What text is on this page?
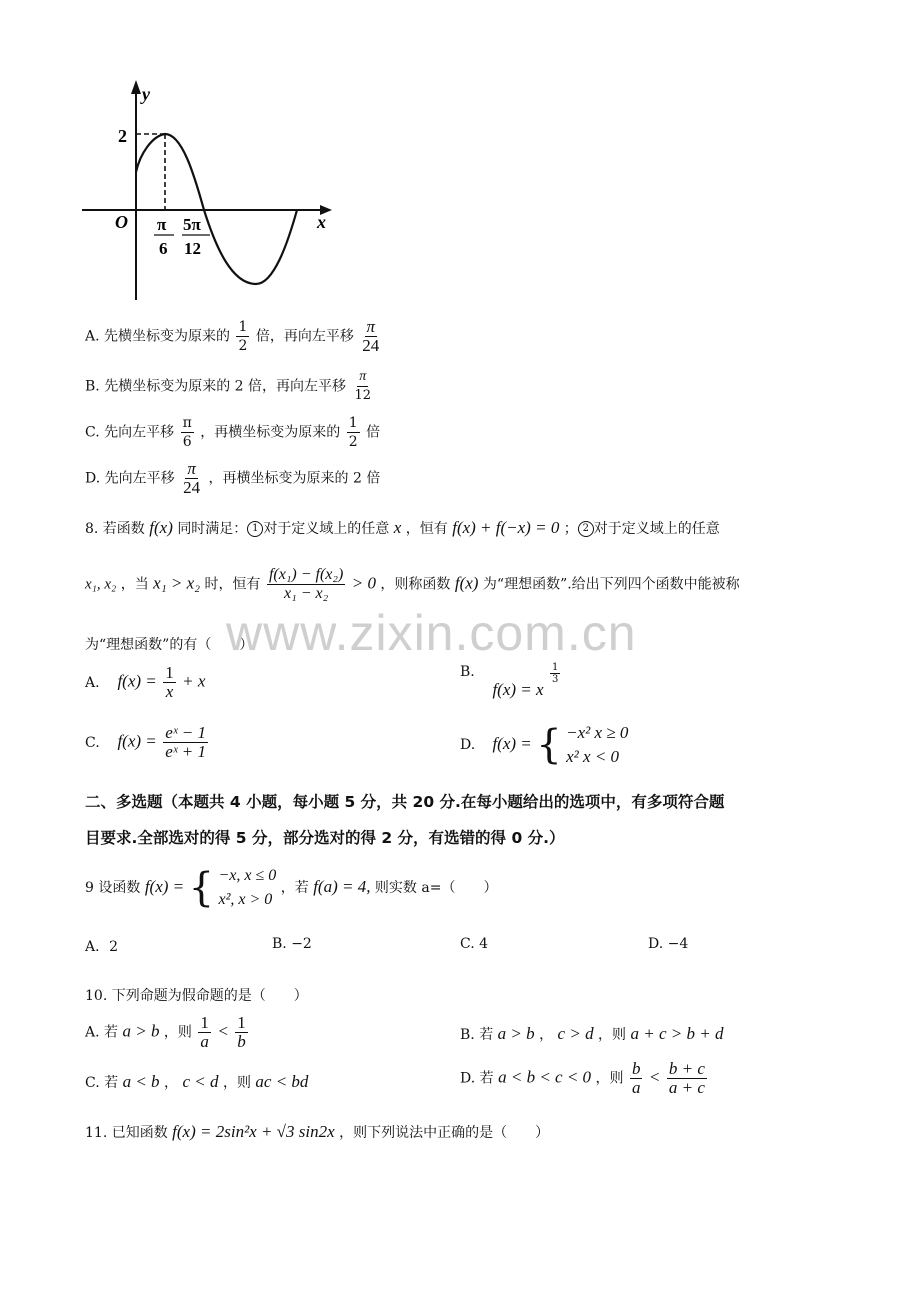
y
x
O
2
π
6
5π
12
A. 先横坐标变为原来的 $\frac{1}{2}$ 倍，再向左平移 $\frac{\pi}{24}$
B. 先横坐标变为原来的 2 倍，再向左平移 $\frac{\pi}{12}$
C. 先向左平移 $\frac{\pi}{6}$ ，再横坐标变为原来的 $\frac{1}{2}$ 倍
D. 先向左平移 $\frac{\pi}{24}$ ，再横坐标变为原来的 2 倍
8. 若函数 f(x) 同时满足： 1 对于定义域上的任意 x ，恒有 f(x) + f(−x) = 0 ； 2 对于定义域上的任意
x₁, x₂ ，当 x₁ > x₂ 时，恒有 $\frac{\text{f(x₁) − f(x₂)}}{\text{x₁ − x₂}} > 0$ ，则称函数 f(x) 为“理想函数”.给出下列四个函数中能被称
为“理想函数”的有（　　）
A. $f(x) = \frac{1}{x} + x$	B. f(x) = x
$\frac{1}{3}$
C. $f(x) = \frac{\text{eˣ − 1}}{\text{eˣ + 1}}$	D. f(x) = { −x² x ≥ 0
x² x < 0
二、多选题（本题共 4 小题，每小题 5 分，共 20 分.在每小题给出的选项中，有多项符合题
目要求.全部选对的得 5 分，部分选对的得 2 分，有选错的得 0 分.）
9 设函数 f(x) = { −x, x ≤ 0
x², x > 0
，若 f(a) = 4, 则实数 a=（　　）
A．2	B. −2	C. 4	D. −4
10. 下列命题为假命题的是（　　）
A. 若 a > b ，则 $\frac{1}{a} < \frac{1}{b}$	B. 若 a > b ， c > d ，则 a + c > b + d
C. 若 a < b ， c < d ，则 ac < bd	D. 若 a < b < c < 0 ，则 $\frac{b}{a} < \frac{b + c}{a + c}$
11. 已知函数 f(x) = 2sin²x + √3 sin2x ，则下列说法中正确的是（　　）
www.zixin.com.cn
